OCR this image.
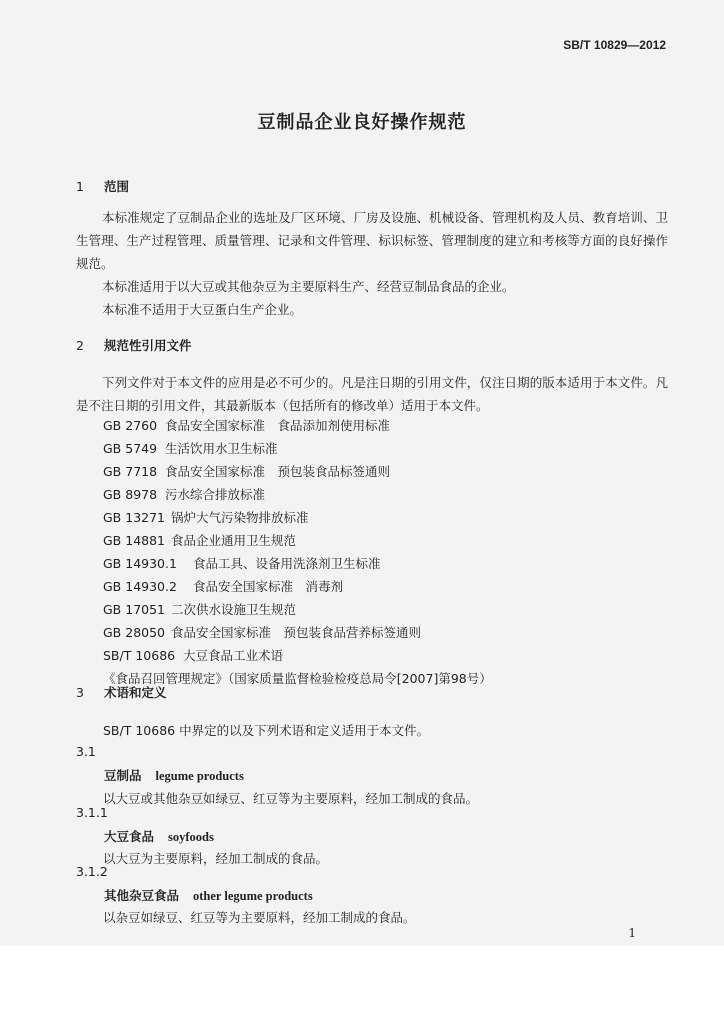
SB/T 10829—2012
豆制品企业良好操作规范
1 范围
本标准规定了豆制品企业的选址及厂区环境、厂房及设施、机械设备、管理机构及人员、教育培训、卫生管理、生产过程管理、质量管理、记录和文件管理、标识标签、管理制度的建立和考核等方面的良好操作规范。
本标准适用于以大豆或其他杂豆为主要原料生产、经营豆制品食品的企业。
本标准不适用于大豆蛋白生产企业。
2 规范性引用文件
下列文件对于本文件的应用是必不可少的。凡是注日期的引用文件，仅注日期的版本适用于本文件。凡是不注日期的引用文件，其最新版本（包括所有的修改单）适用于本文件。
GB 2760 食品安全国家标准　食品添加剂使用标准
GB 5749 生活饮用水卫生标准
GB 7718 食品安全国家标准　预包装食品标签通则
GB 8978 污水综合排放标准
GB 13271 锅炉大气污染物排放标准
GB 14881 食品企业通用卫生规范
GB 14930.1 食品工具、设备用洗涤剂卫生标准
GB 14930.2 食品安全国家标准　消毒剂
GB 17051 二次供水设施卫生规范
GB 28050 食品安全国家标准　预包装食品营养标签通则
SB/T 10686 大豆食品工业术语
《食品召回管理规定》（国家质量监督检验检疫总局令[2007]第98号）
3 术语和定义
SB/T 10686 中界定的以及下列术语和定义适用于本文件。
3.1
豆制品 legume products
以大豆或其他杂豆如绿豆、红豆等为主要原料，经加工制成的食品。
3.1.1
大豆食品 soyfoods
以大豆为主要原料，经加工制成的食品。
3.1.2
其他杂豆食品 other legume products
以杂豆如绿豆、红豆等为主要原料，经加工制成的食品。
1
